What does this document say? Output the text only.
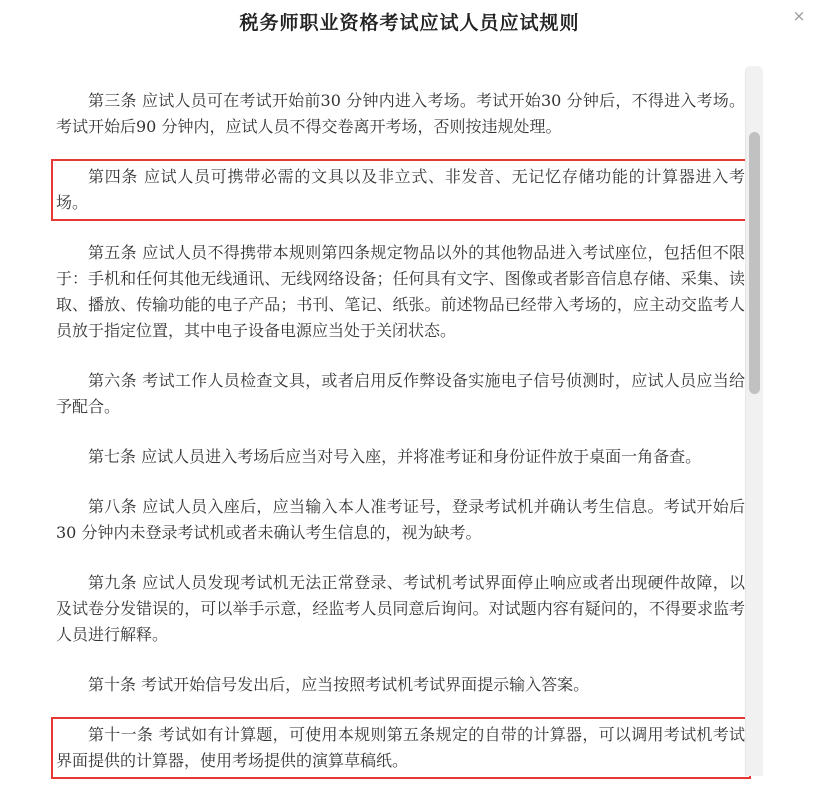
税务师职业资格考试应试人员应试规则	×

第三条 应试人员可在考试开始前30 分钟内进入考场。考试开始30 分钟后，不得进入考场。考试开始后90 分钟内，应试人员不得交卷离开考场，否则按违规处理。

第四条 应试人员可携带必需的文具以及非立式、非发音、无记忆存储功能的计算器进入考场。

第五条 应试人员不得携带本规则第四条规定物品以外的其他物品进入考试座位，包括但不限于：手机和任何其他无线通讯、无线网络设备；任何具有文字、图像或者影音信息存储、采集、读取、播放、传输功能的电子产品；书刊、笔记、纸张。前述物品已经带入考场的，应主动交监考人员放于指定位置，其中电子设备电源应当处于关闭状态。

第六条 考试工作人员检查文具，或者启用反作弊设备实施电子信号侦测时，应试人员应当给予配合。

第七条 应试人员进入考场后应当对号入座，并将准考证和身份证件放于桌面一角备查。

第八条 应试人员入座后，应当输入本人准考证号，登录考试机并确认考生信息。考试开始后30 分钟内未登录考试机或者未确认考生信息的，视为缺考。

第九条 应试人员发现考试机无法正常登录、考试机考试界面停止响应或者出现硬件故障，以及试卷分发错误的，可以举手示意，经监考人员同意后询问。对试题内容有疑问的，不得要求监考人员进行解释。

第十条 考试开始信号发出后，应当按照考试机考试界面提示输入答案。

第十一条 考试如有计算题，可使用本规则第五条规定的自带的计算器，可以调用考试机考试界面提供的计算器，使用考场提供的演算草稿纸。
